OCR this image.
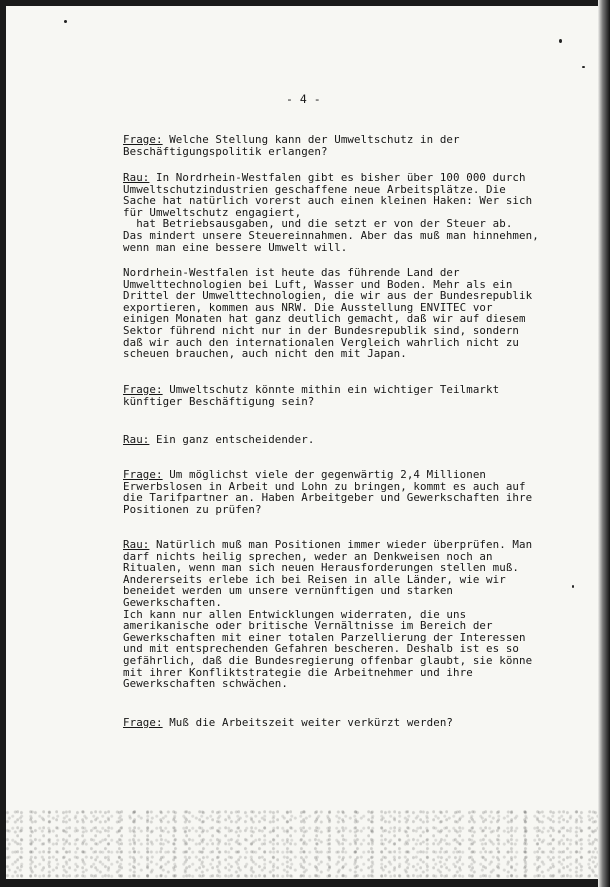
- 4 -
Frage: Welche Stellung kann der Umweltschutz in der
Beschäftigungspolitik erlangen?
Rau: In Nordrhein-Westfalen gibt es bisher über 100 000 durch
Umweltschutzindustrien geschaffene neue Arbeitsplätze. Die
Sache hat natürlich vorerst auch einen kleinen Haken: Wer sich
für Umweltschutz engagiert,
hat Betriebsausgaben, und die setzt er von der Steuer ab.
Das mindert unsere Steuereinnahmen. Aber das muß man hinnehmen,
wenn man eine bessere Umwelt will.
Nordrhein-Westfalen ist heute das führende Land der
Umwelttechnologien bei Luft, Wasser und Boden. Mehr als ein
Drittel der Umwelttechnologien, die wir aus der Bundesrepublik
exportieren, kommen aus NRW. Die Ausstellung ENVITEC vor
einigen Monaten hat ganz deutlich gemacht, daß wir auf diesem
Sektor führend nicht nur in der Bundesrepublik sind, sondern
daß wir auch den internationalen Vergleich wahrlich nicht zu
scheuen brauchen, auch nicht den mit Japan.
Frage: Umweltschutz könnte mithin ein wichtiger Teilmarkt
künftiger Beschäftigung sein?
Rau: Ein ganz entscheidender.
Frage: Um möglichst viele der gegenwärtig 2,4 Millionen
Erwerbslosen in Arbeit und Lohn zu bringen, kommt es auch auf
die Tarifpartner an. Haben Arbeitgeber und Gewerkschaften ihre
Positionen zu prüfen?
Rau: Natürlich muß man Positionen immer wieder überprüfen. Man
darf nichts heilig sprechen, weder an Denkweisen noch an
Ritualen, wenn man sich neuen Herausforderungen stellen muß.
Andererseits erlebe ich bei Reisen in alle Länder, wie wir
beneidet werden um unsere vernünftigen und starken
Gewerkschaften.
Ich kann nur allen Entwicklungen widerraten, die uns
amerikanische oder britische Vernältnisse im Bereich der
Gewerkschaften mit einer totalen Parzellierung der Interessen
und mit entsprechenden Gefahren bescheren. Deshalb ist es so
gefährlich, daß die Bundesregierung offenbar glaubt, sie könne
mit ihrer Konfliktstrategie die Arbeitnehmer und ihre
Gewerkschaften schwächen.
Frage: Muß die Arbeitszeit weiter verkürzt werden?
